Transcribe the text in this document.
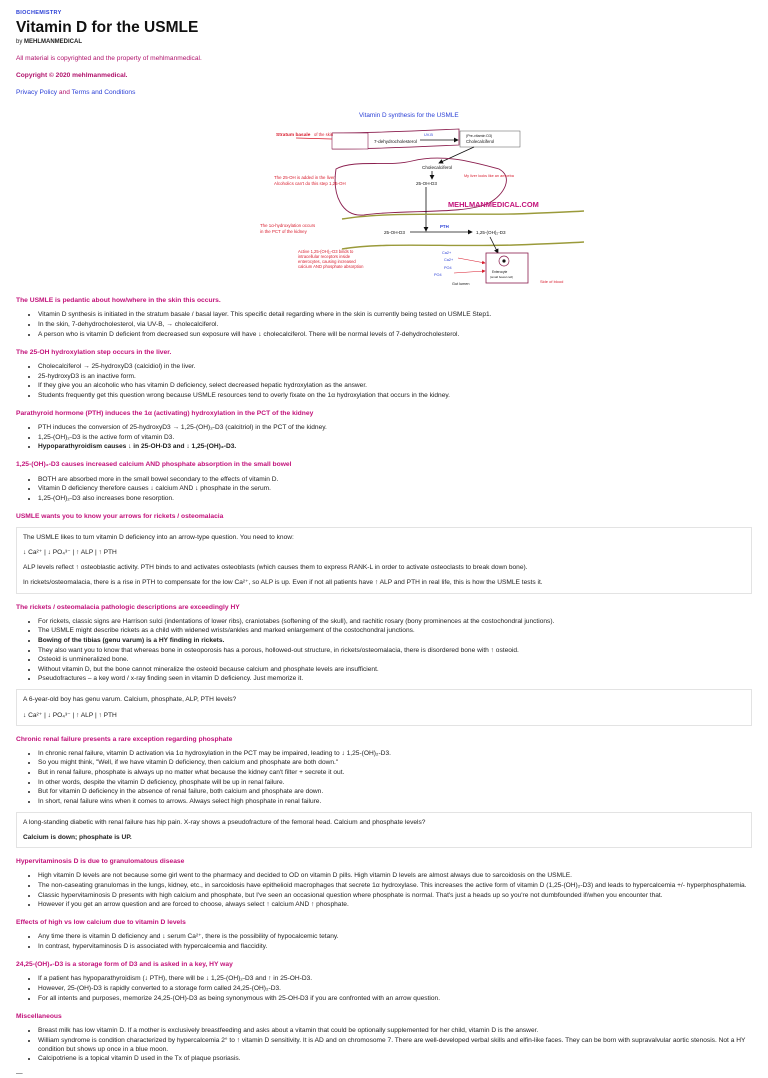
BIOCHEMISTRY
Vitamin D for the USMLE
by MEHLMANMEDICAL
All material is copyrighted and the property of mehlmanmedical.
Copyright © 2020 mehlmanmedical.
Privacy Policy and Terms and Conditions
Vitamin D synthesis for the USMLE
Stratum basale of the skin
7-dehydrocholesterol
UV-B	(Pre-vitamin D3)
Cholecalciferol
Cholecalciferol
The 25-OH is added in the liver.
Alcoholics can't do this step 1,25-OH
My liver looks like an amoeba
25-OH-D3
MEHLMANMEDICAL.COM
The 1α-hydroxylation occurs
in the PCT of the kidney	25-OH-D3
PTH
1,25-(OH)₂-D3
Active 1,25-(OH)₂-D3 binds to
intracellular receptors inside
enterocytes, causing increased
calcium AND phosphate absorption
Enterocyte
(small bowel cell)
Ca2+
Ca2+
PO4
PO4
Gut lumen	Side of blood
The USMLE is pedantic about how/where in the skin this occurs.
• Vitamin D synthesis is initiated in the stratum basale / basal layer. This specific detail regarding where in the skin is currently being tested on USMLE Step1.
• In the skin, 7-dehydrocholesterol, via UV-B, → cholecalciferol.
• A person who is vitamin D deficient from decreased sun exposure will have ↓ cholecalciferol. There will be normal levels of 7-dehydrocholesterol.
The 25-OH hydroxylation step occurs in the liver.
• Cholecalciferol → 25-hydroxyD3 (calcidiol) in the liver.
• 25-hydroxyD3 is an inactive form.
• If they give you an alcoholic who has vitamin D deficiency, select decreased hepatic hydroxylation as the answer.
• Students frequently get this question wrong because USMLE resources tend to overly fixate on the 1α hydroxylation that occurs in the kidney.
Parathyroid hormone (PTH) induces the 1α (activating) hydroxylation in the PCT of the kidney
• PTH induces the conversion of 25-hydroxyD3 → 1,25-(OH)₂-D3 (calcitriol) in the PCT of the kidney.
• 1,25-(OH)₂-D3 is the active form of vitamin D3.
• Hypoparathyroidism causes ↓ in 25-OH-D3 and ↓ 1,25-(OH)₂-D3.
1,25-(OH)₂-D3 causes increased calcium AND phosphate absorption in the small bowel
• BOTH are absorbed more in the small bowel secondary to the effects of vitamin D.
• Vitamin D deficiency therefore causes ↓ calcium AND ↓ phosphate in the serum.
• 1,25-(OH)₂-D3 also increases bone resorption.
USMLE wants you to know your arrows for rickets / osteomalacia

The USMLE likes to turn vitamin D deficiency into an arrow-type question. You need to know:

↓ Ca²⁺ | ↓ PO₄³⁻ | ↑ ALP | ↑ PTH

ALP levels reflect ↑ osteoblastic activity. PTH binds to and activates osteoblasts (which causes them to express RANK-L in order to activate osteoclasts to break down bone).

In rickets/osteomalacia, there is a rise in PTH to compensate for the low Ca²⁺, so ALP is up. Even if not all patients have ↑ ALP and PTH in real life, this is how the USMLE tests it.

The rickets / osteomalacia pathologic descriptions are exceedingly HY
• For rickets, classic signs are Harrison sulci (indentations of lower ribs), craniotabes (softening of the skull), and rachitic rosary (bony prominences at the costochondral junctions).
• The USMLE might describe rickets as a child with widened wrists/ankles and marked enlargement of the costochondral junctions.
• Bowing of the tibias (genu varum) is a HY finding in rickets.
• They also want you to know that whereas bone in osteoporosis has a porous, hollowed-out structure, in rickets/osteomalacia, there is disordered bone with ↑ osteoid.
• Osteoid is unmineralized bone.
• Without vitamin D, but the bone cannot mineralize the osteoid because calcium and phosphate levels are insufficient.
• Pseudofractures – a key word / x-ray finding seen in vitamin D deficiency. Just memorize it.

A 6-year-old boy has genu varum. Calcium, phosphate, ALP, PTH levels?

↓ Ca²⁺ | ↓ PO₄³⁻ | ↑ ALP | ↑ PTH

Chronic renal failure presents a rare exception regarding phosphate
• In chronic renal failure, vitamin D activation via 1α hydroxylation in the PCT may be impaired, leading to ↓ 1,25-(OH)₂-D3.
• So you might think, "Well, if we have vitamin D deficiency, then calcium and phosphate are both down."
• But in renal failure, phosphate is always up no matter what because the kidney can't filter + secrete it out.
• In other words, despite the vitamin D deficiency, phosphate will be up in renal failure.
• But for vitamin D deficiency in the absence of renal failure, both calcium and phosphate are down.
• In short, renal failure wins when it comes to arrows. Always select high phosphate in renal failure.

A long-standing diabetic with renal failure has hip pain. X-ray shows a pseudofracture of the femoral head. Calcium and phosphate levels?

Calcium is down; phosphate is UP.

Hypervitaminosis D is due to granulomatous disease
• High vitamin D levels are not because some girl went to the pharmacy and decided to OD on vitamin D pills. High vitamin D levels are almost always due to sarcoidosis on the USMLE.
• The non-caseating granulomas in the lungs, kidney, etc., in sarcoidosis have epithelioid macrophages that secrete 1α hydroxylase. This increases the active form of vitamin D (1,25-(OH)₂-D3) and leads to hypercalcemia +/- hyperphosphatemia.
• Classic hypervitaminosis D presents with high calcium and phosphate, but I've seen an occasional question where phosphate is normal. That's just a heads up so you're not dumbfounded if/when you encounter that.
• However if you get an arrow question and are forced to choose, always select ↑ calcium AND ↑ phosphate.
Effects of high vs low calcium due to vitamin D levels
• Any time there is vitamin D deficiency and ↓ serum Ca²⁺, there is the possibility of hypocalcemic tetany.
• In contrast, hypervitaminosis D is associated with hypercalcemia and flaccidity.
24,25-(OH)₂-D3 is a storage form of D3 and is asked in a key, HY way
• If a patient has hypoparathyroidism (↓ PTH), there will be ↓ 1,25-(OH)₂-D3 and ↑ in 25-OH-D3.
• However, 25-(OH)-D3 is rapidly converted to a storage form called 24,25-(OH)₂-D3.
• For all intents and purposes, memorize 24,25-(OH)-D3 as being synonymous with 25-OH-D3 if you are confronted with an arrow question.
Miscellaneous
• Breast milk has low vitamin D. If a mother is exclusively breastfeeding and asks about a vitamin that could be optionally supplemented for her child, vitamin D is the answer.
• William syndrome is condition characterized by hypercalcemia 2° to ↑ vitamin D sensitivity. It is AD and on chromosome 7. There are well-developed verbal skills and elfin-like faces. They can be born with supravalvular aortic stenosis. Not a HY condition but shows up once in a blue moon.
• Calcipotriene is a topical vitamin D used in the Tx of plaque psoriasis.
—
